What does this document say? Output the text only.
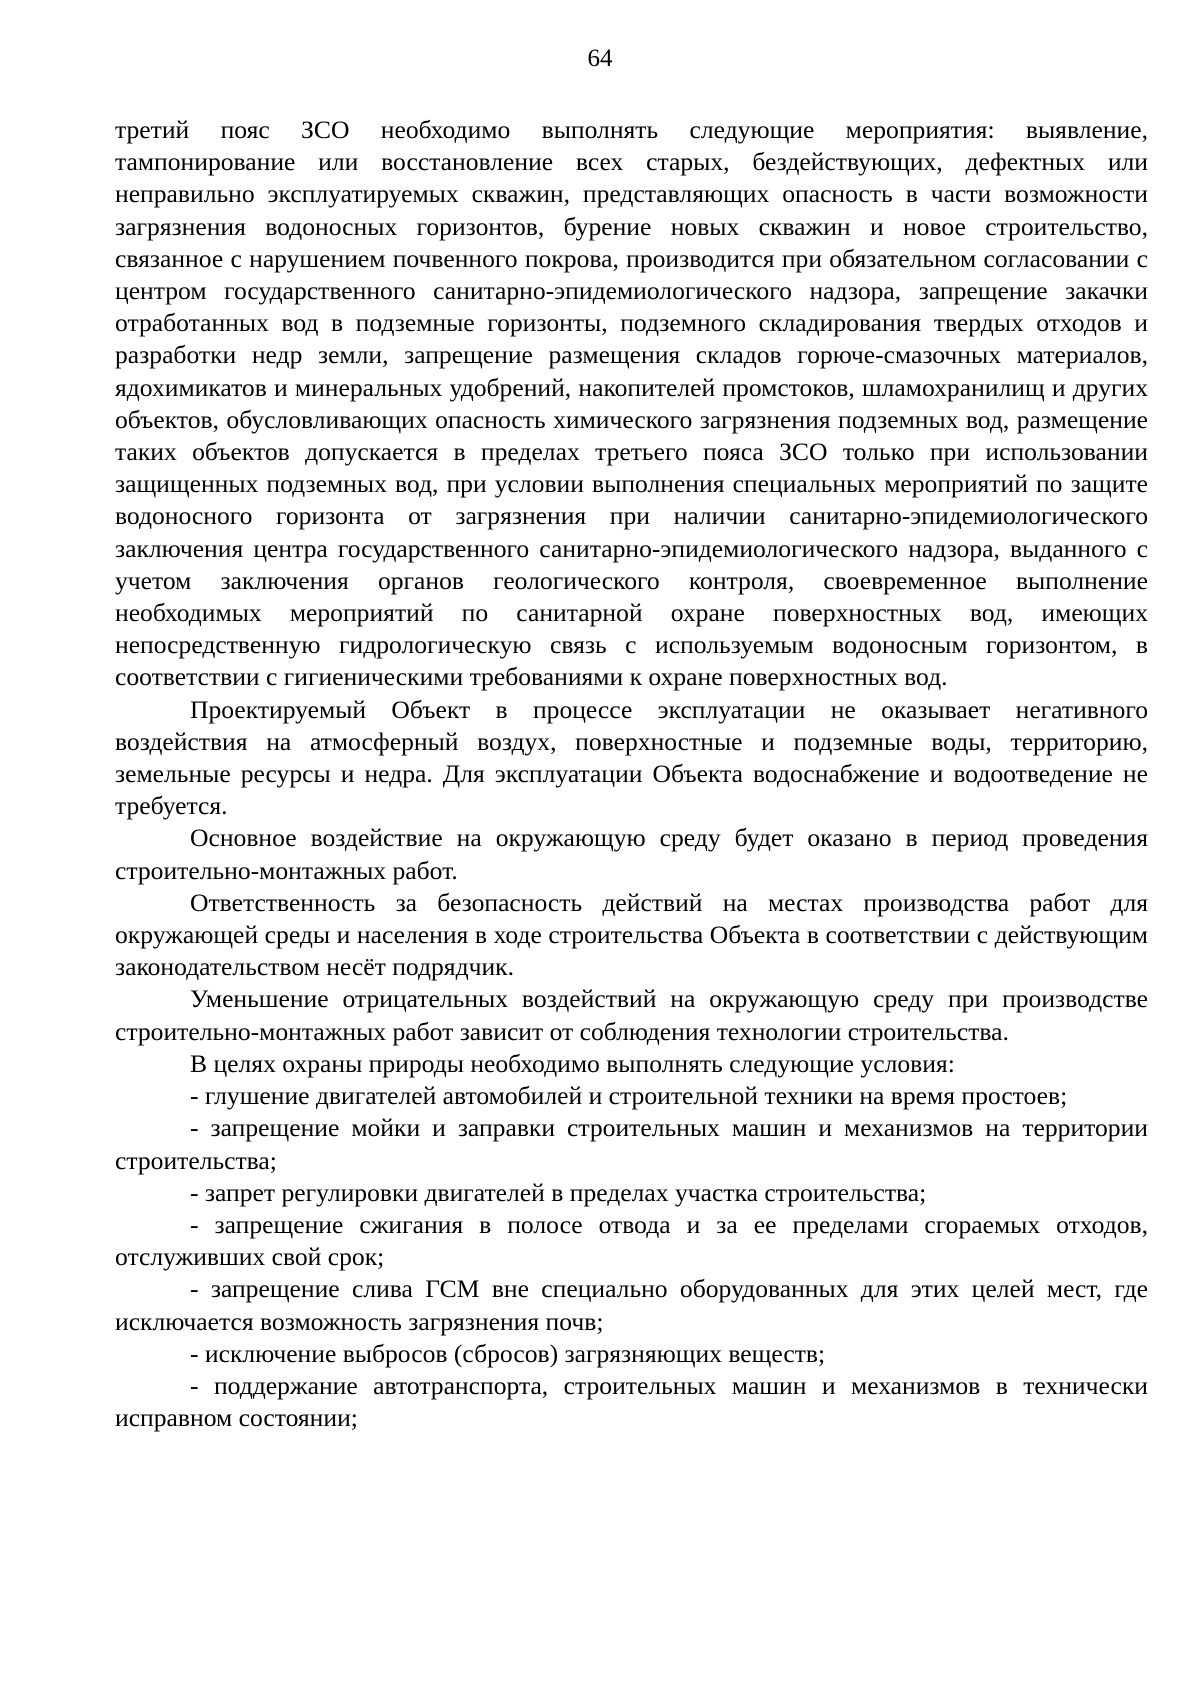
64

третий пояс ЗСО необходимо выполнять следующие мероприятия: выявление, тампонирование или восстановление всех старых, бездействующих, дефектных или неправильно эксплуатируемых скважин, представляющих опасность в части возможности загрязнения водоносных горизонтов, бурение новых скважин и новое строительство, связанное с нарушением почвенного покрова, производится при обязательном согласовании с центром государственного санитарно-эпидемиологического надзора, запрещение закачки отработанных вод в подземные горизонты, подземного складирования твердых отходов и разработки недр земли, запрещение размещения складов горюче-смазочных материалов, ядохимикатов и минеральных удобрений, накопителей промстоков, шламохранилищ и других объектов, обусловливающих опасность химического загрязнения подземных вод, размещение таких объектов допускается в пределах третьего пояса ЗСО только при использовании защищенных подземных вод, при условии выполнения специальных мероприятий по защите водоносного горизонта от загрязнения при наличии санитарно-эпидемиологического заключения центра государственного санитарно-эпидемиологического надзора, выданного с учетом заключения органов геологического контроля, своевременное выполнение необходимых мероприятий по санитарной охране поверхностных вод, имеющих непосредственную гидрологическую связь с используемым водоносным горизонтом, в соответствии с гигиеническими требованиями к охране поверхностных вод.

Проектируемый Объект в процессе эксплуатации не оказывает негативного воздействия на атмосферный воздух, поверхностные и подземные воды, территорию, земельные ресурсы и недра. Для эксплуатации Объекта водоснабжение и водоотведение не требуется.

Основное воздействие на окружающую среду будет оказано в период проведения строительно-монтажных работ.

Ответственность за безопасность действий на местах производства работ для окружающей среды и населения в ходе строительства Объекта в соответствии с действующим законодательством несёт подрядчик.

Уменьшение отрицательных воздействий на окружающую среду при производстве строительно-монтажных работ зависит от соблюдения технологии строительства.

В целях охраны природы необходимо выполнять следующие условия:

- глушение двигателей автомобилей и строительной техники на время простоев;

- запрещение мойки и заправки строительных машин и механизмов на территории строительства;

- запрет регулировки двигателей в пределах участка строительства;

- запрещение сжигания в полосе отвода и за ее пределами сгораемых отходов, отслуживших свой срок;

- запрещение слива ГСМ вне специально оборудованных для этих целей мест, где исключается возможность загрязнения почв;

- исключение выбросов (сбросов) загрязняющих веществ;

- поддержание автотранспорта, строительных машин и механизмов в технически исправном состоянии;
